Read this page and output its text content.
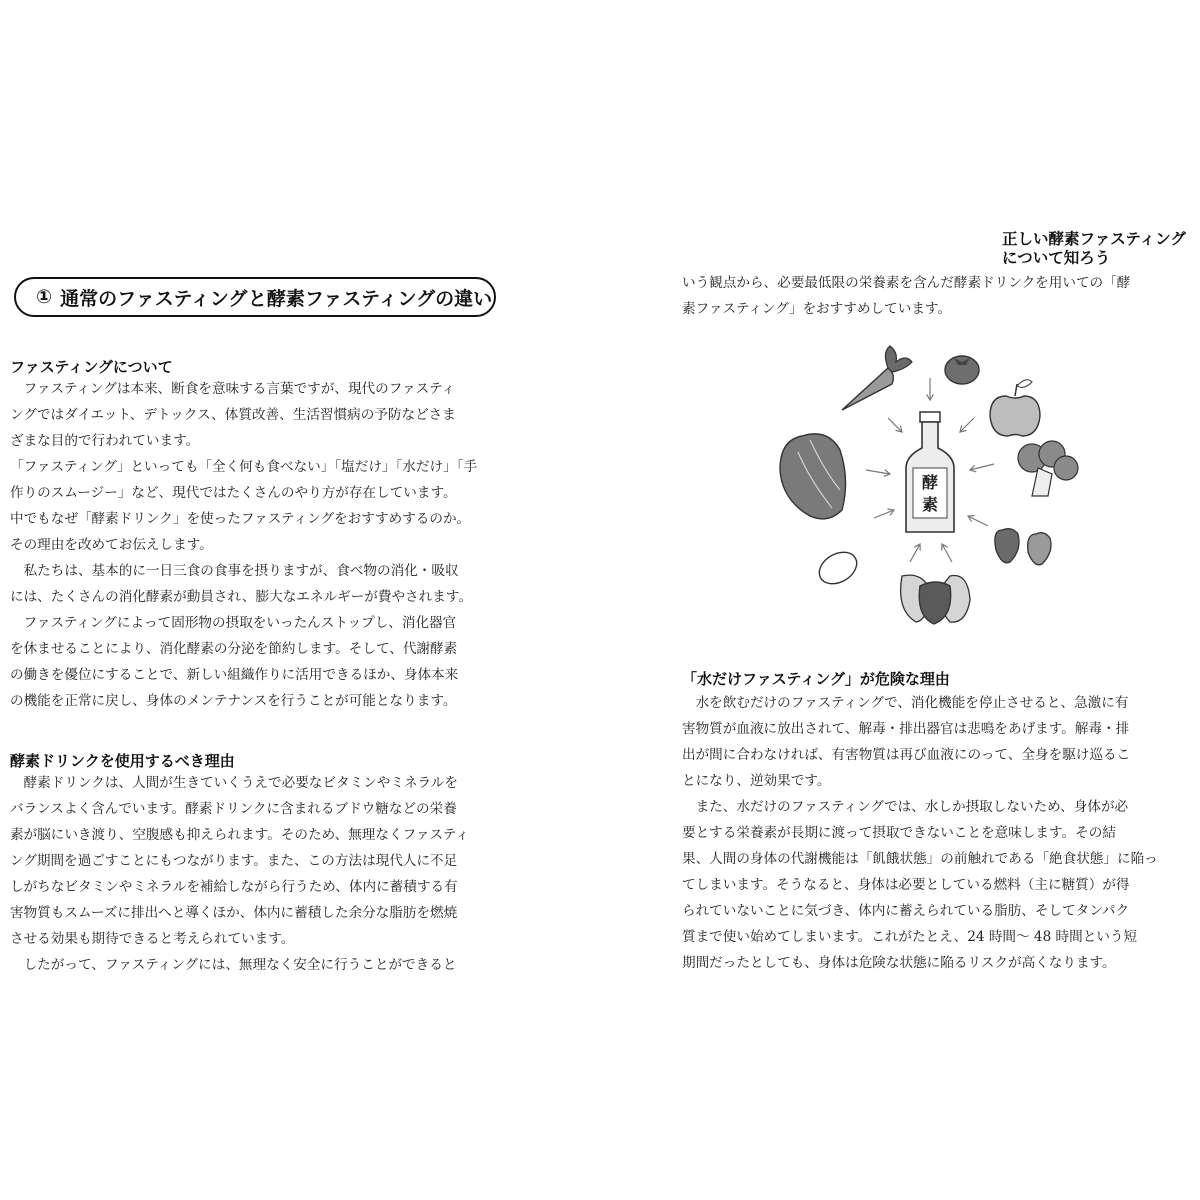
正しい酵素ファスティング
について知ろう
① 通常のファスティングと酵素ファスティングの違い
ファスティングについて
　ファスティングは本来、断食を意味する言葉ですが、現代のファスティ
ングではダイエット、デトックス、体質改善、生活習慣病の予防などさま
ざまな目的で行われています。
「ファスティング」といっても「全く何も食べない」「塩だけ」「水だけ」「手
作りのスムージー」など、現代ではたくさんのやり方が存在しています。
中でもなぜ「酵素ドリンク」を使ったファスティングをおすすめするのか。
その理由を改めてお伝えします。
　私たちは、基本的に一日三食の食事を摂りますが、食べ物の消化・吸収
には、たくさんの消化酵素が動員され、膨大なエネルギーが費やされます。
　ファスティングによって固形物の摂取をいったんストップし、消化器官
を休ませることにより、消化酵素の分泌を節約します。そして、代謝酵素
の働きを優位にすることで、新しい組織作りに活用できるほか、身体本来
の機能を正常に戻し、身体のメンテナンスを行うことが可能となります。
酵素ドリンクを使用するべき理由
　酵素ドリンクは、人間が生きていくうえで必要なビタミンやミネラルを
バランスよく含んでいます。酵素ドリンクに含まれるブドウ糖などの栄養
素が脳にいき渡り、空腹感も抑えられます。そのため、無理なくファスティ
ング期間を過ごすことにもつながります。また、この方法は現代人に不足
しがちなビタミンやミネラルを補給しながら行うため、体内に蓄積する有
害物質もスムーズに排出へと導くほか、体内に蓄積した余分な脂肪を燃焼
させる効果も期待できると考えられています。
　したがって、ファスティングには、無理なく安全に行うことができると
いう観点から、必要最低限の栄養素を含んだ酵素ドリンクを用いての「酵
素ファスティング」をおすすめしています。
酵
素
「水だけファスティング」が危険な理由
　水を飲むだけのファスティングで、消化機能を停止させると、急激に有
害物質が血液に放出されて、解毒・排出器官は悲鳴をあげます。解毒・排
出が間に合わなければ、有害物質は再び血液にのって、全身を駆け巡るこ
とになり、逆効果です。
　また、水だけのファスティングでは、水しか摂取しないため、身体が必
要とする栄養素が長期に渡って摂取できないことを意味します。その結
果、人間の身体の代謝機能は「飢餓状態」の前触れである「絶食状態」に陥っ
てしまいます。そうなると、身体は必要としている燃料（主に糖質）が得
られていないことに気づき、体内に蓄えられている脂肪、そしてタンパク
質まで使い始めてしまいます。これがたとえ、24 時間～ 48 時間という短
期間だったとしても、身体は危険な状態に陥るリスクが高くなります。
